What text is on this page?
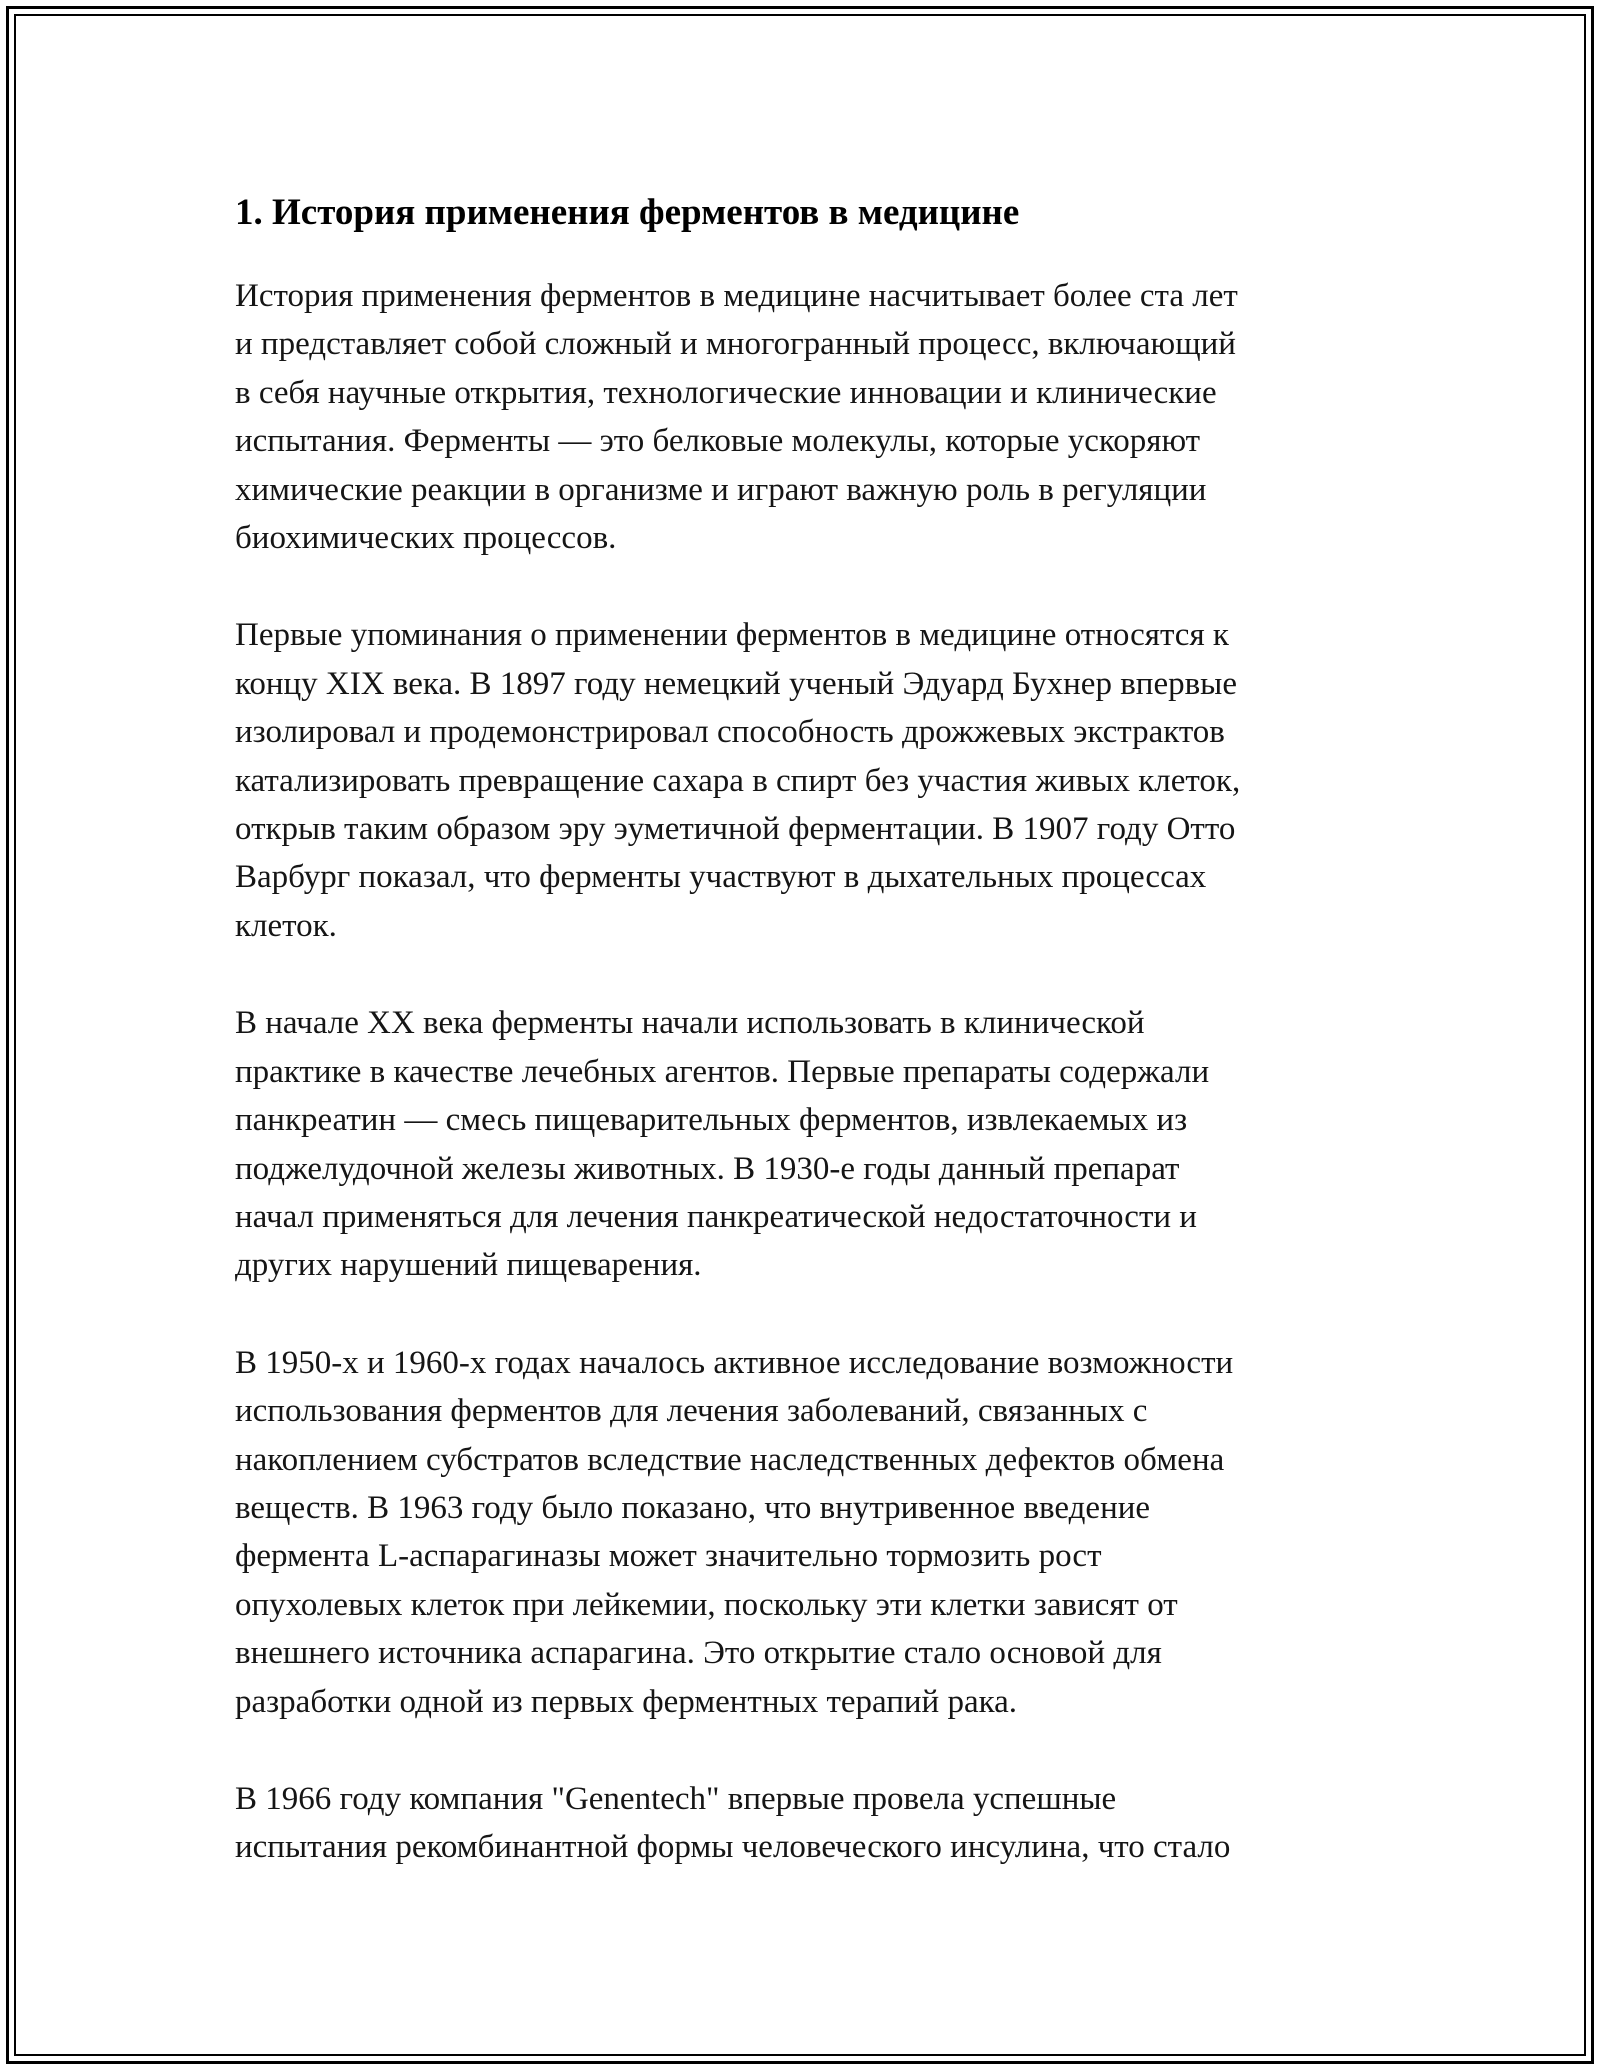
1. История применения ферментов в медицине

История применения ферментов в медицине насчитывает более ста лет
и представляет собой сложный и многогранный процесс, включающий
в себя научные открытия, технологические инновации и клинические
испытания. Ферменты — это белковые молекулы, которые ускоряют
химические реакции в организме и играют важную роль в регуляции
биохимических процессов.

Первые упоминания о применении ферментов в медицине относятся к
концу XIX века. В 1897 году немецкий ученый Эдуард Бухнер впервые
изолировал и продемонстрировал способность дрожжевых экстрактов
катализировать превращение сахара в спирт без участия живых клеток,
открыв таким образом эру эуметичной ферментации. В 1907 году Отто
Варбург показал, что ферменты участвуют в дыхательных процессах
клеток.

В начале XX века ферменты начали использовать в клинической
практике в качестве лечебных агентов. Первые препараты содержали
панкреатин — смесь пищеварительных ферментов, извлекаемых из
поджелудочной железы животных. В 1930-е годы данный препарат
начал применяться для лечения панкреатической недостаточности и
других нарушений пищеварения.

В 1950-х и 1960-х годах началось активное исследование возможности
использования ферментов для лечения заболеваний, связанных с
накоплением субстратов вследствие наследственных дефектов обмена
веществ. В 1963 году было показано, что внутривенное введение
фермента L-аспарагиназы может значительно тормозить рост
опухолевых клеток при лейкемии, поскольку эти клетки зависят от
внешнего источника аспарагина. Это открытие стало основой для
разработки одной из первых ферментных терапий рака.

В 1966 году компания "Genentech" впервые провела успешные
испытания рекомбинантной формы человеческого инсулина, что стало
